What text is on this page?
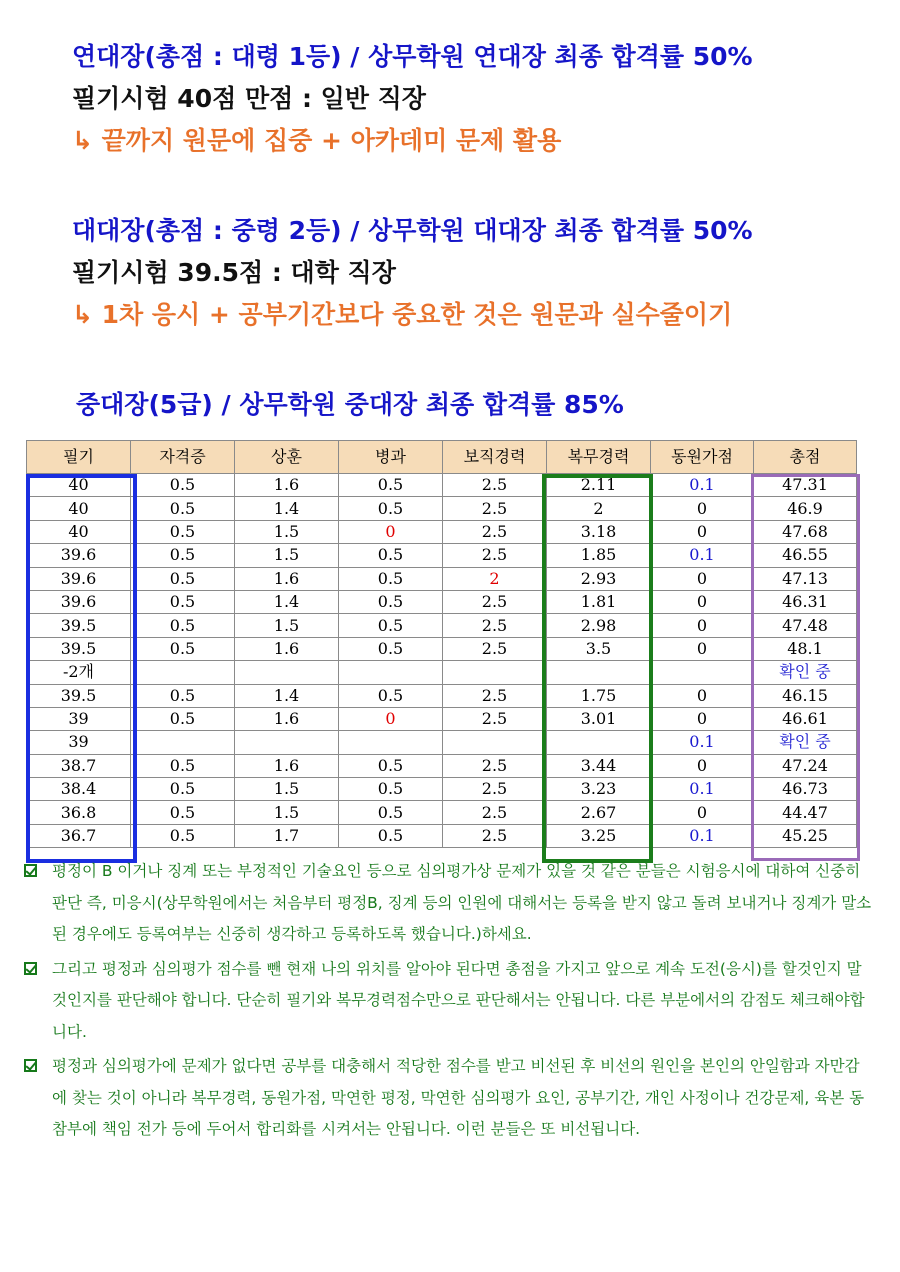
연대장(총점 : 대령 1등) / 상무학원 연대장 최종 합격률 50%
필기시험 40점 만점 : 일반 직장
↳ 끝까지 원문에 집중 + 아카데미 문제 활용
대대장(총점 : 중령 2등) / 상무학원 대대장 최종 합격률 50%
필기시험 39.5점 : 대학 직장
↳ 1차 응시 + 공부기간보다 중요한 것은 원문과 실수줄이기
중대장(5급) / 상무학원 중대장 최종 합격률 85%
필기	자격증	상훈	병과	보직경력	복무경력	동원가점	총점
40	0.5	1.6	0.5	2.5	2.11	0.1	47.31
40	0.5	1.4	0.5	2.5	2	0	46.9
40	0.5	1.5	0	2.5	3.18	0	47.68
39.6	0.5	1.5	0.5	2.5	1.85	0.1	46.55
39.6	0.5	1.6	0.5	2	2.93	0	47.13
39.6	0.5	1.4	0.5	2.5	1.81	0	46.31
39.5	0.5	1.5	0.5	2.5	2.98	0	47.48
39.5	0.5	1.6	0.5	2.5	3.5	0	48.1
-2개							확인 중
39.5	0.5	1.4	0.5	2.5	1.75	0	46.15
39	0.5	1.6	0	2.5	3.01	0	46.61
39						0.1	확인 중
38.7	0.5	1.6	0.5	2.5	3.44	0	47.24
38.4	0.5	1.5	0.5	2.5	3.23	0.1	46.73
36.8	0.5	1.5	0.5	2.5	2.67	0	44.47
36.7	0.5	1.7	0.5	2.5	3.25	0.1	45.25
평정이 B 이거나 징계 또는 부정적인 기술요인 등으로 심의평가상 문제가 있을 것 같은 분들은 시험응시에 대하여 신중히 판단 즉, 미응시(상무학원에서는 처음부터 평정B, 징계 등의 인원에 대해서는 등록을 받지 않고 돌려 보내거나 징계가 말소된 경우에도 등록여부는 신중히 생각하고 등록하도록 했습니다.)하세요.
그리고 평정과 심의평가 점수를 뺀 현재 나의 위치를 알아야 된다면 총점을 가지고 앞으로 계속 도전(응시)를 할것인지 말것인지를 판단해야 합니다. 단순히 필기와 복무경력점수만으로 판단해서는 안됩니다. 다른 부분에서의 감점도 체크해야합니다.
평정과 심의평가에 문제가 없다면 공부를 대충해서 적당한 점수를 받고 비선된 후 비선의 원인을 본인의 안일함과 자만감에 찾는 것이 아니라 복무경력, 동원가점, 막연한 평정, 막연한 심의평가 요인, 공부기간, 개인 사정이나 건강문제, 육본 동참부에 책임 전가 등에 두어서 합리화를 시켜서는 안됩니다. 이런 분들은 또 비선됩니다.
